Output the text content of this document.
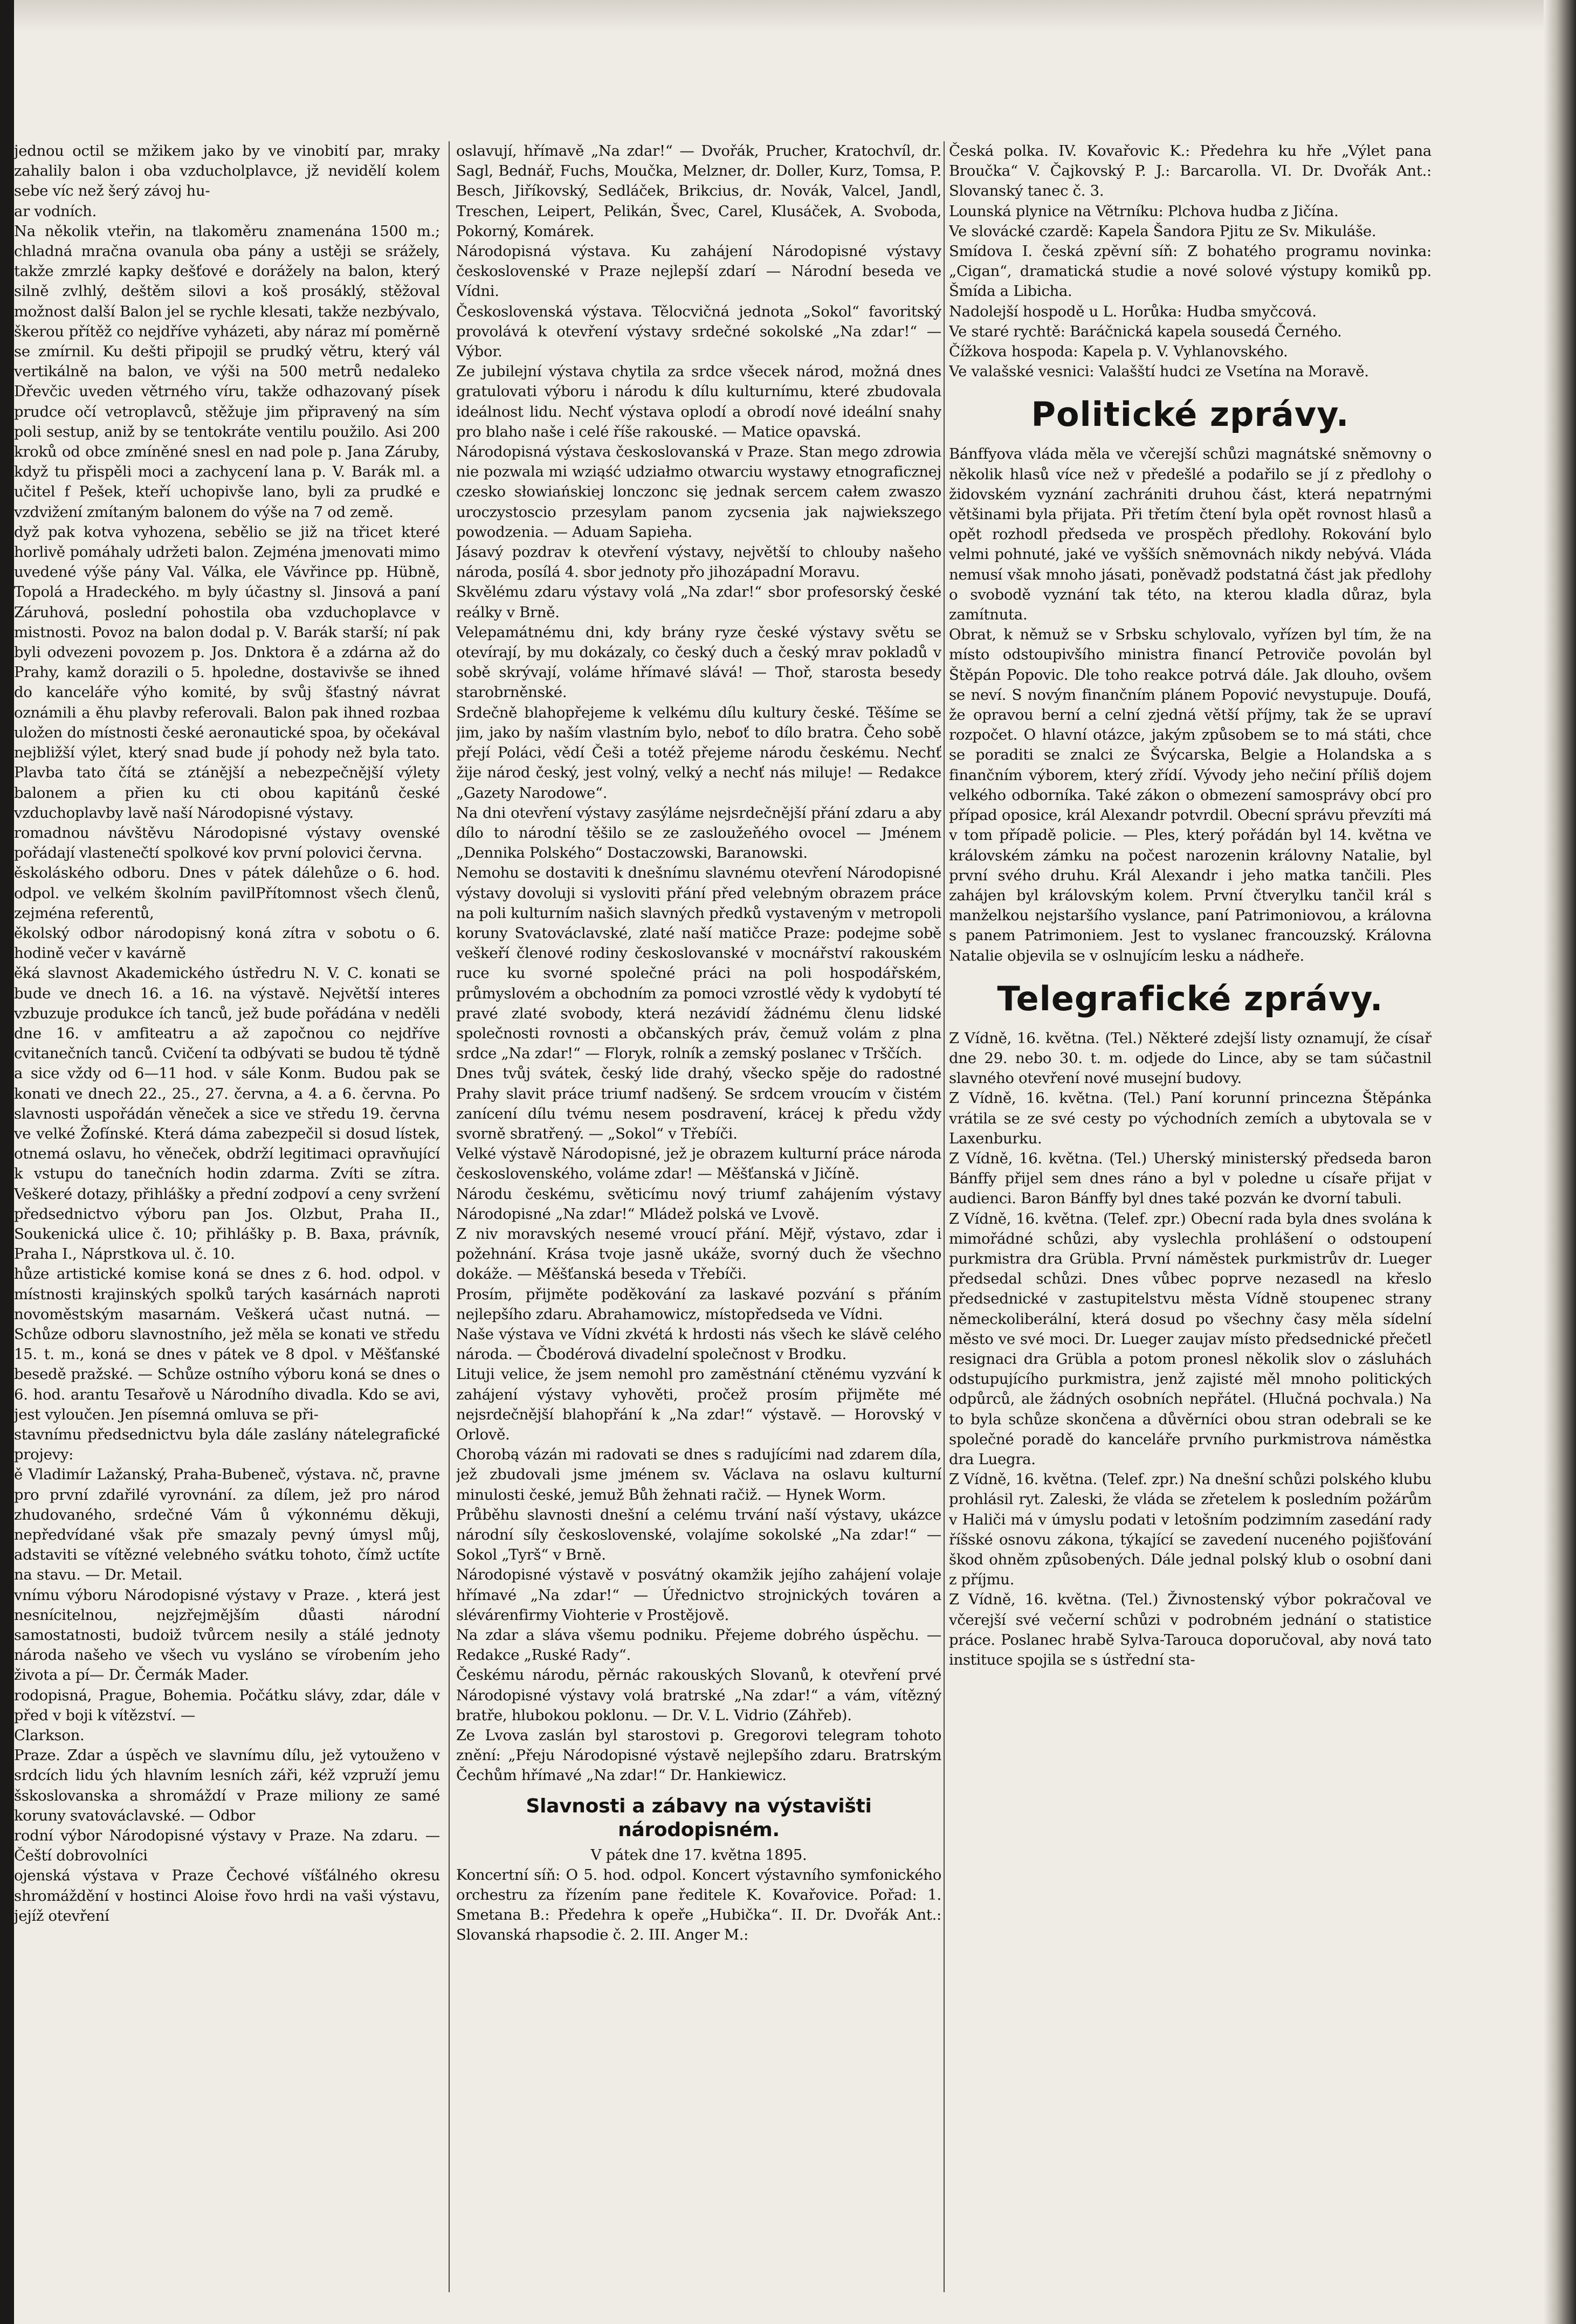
jednou octil se mžikem jako by ve vinobití par, mraky zahalily balon i oba vzducholplavce, jž nevidělí kolem sebe víc než šerý závoj hu-

ar vodních.

Na několik vteřin, na tlakoměru znamenána 1500 m.; chladná mračna ovanula oba pány a ustěji se srážely, takže zmrzlé kapky dešťové e dorážely na balon, který silně zvlhlý, deštěm silovi a koš prosáklý, stěžoval možnost další Balon jel se rychle klesati, takže nezbývalo, škerou přítěž co nejdříve vyházeti, aby náraz mí poměrně se zmírnil. Ku dešti připojil se prudký větru, který vál vertikálně na balon, ve výši na 500 metrů nedaleko Dřevčic uveden větrného víru, takže odhazovaný písek prudce očí vetroplavců, stěžuje jim připravený na sím poli sestup, aniž by se tentokráte ventilu použilo. Asi 200 kroků od obce zmíněné snesl en nad pole p. Jana Záruby, když tu přispěli moci a zachycení lana p. V. Barák ml. a učitel f Pešek, kteří uchopivše lano, byli za prudké e vzdvižení zmítaným balonem do výše na 7 od země.

dyž pak kotva vyhozena, sebělio se již na třicet které horlivě pomáhaly udržeti balon. Zejména jmenovati mimo uvedené výše pány Val. Válka, ele Vávřince pp. Hübně, Topolá a Hradeckého. m byly účastny sl. Jinsová a paní Záruhová, poslední pohostila oba vzduchoplavce v mistnosti. Povoz na balon dodal p. V. Barák starší; ní pak byli odvezeni povozem p. Jos. Dnktora ě a zdárna až do Prahy, kamž dorazili o 5. hpoledne, dostavivše se ihned do kanceláře výho komité, by svůj šťastný návrat oznámili a ěhu plavby referovali. Balon pak ihned rozbaa uložen do místnosti české aeronautické spoa, by očekával nejbližší výlet, který snad bude jí pohody než byla tato. Plavba tato čítá se ztánější a nebezpečnější výlety balonem a přien ku cti obou kapitánů české vzduchoplavby lavě naší Národopisné výstavy.

romadnou návštěvu Národopisné výstavy ovenské pořádají vlastenečtí spolkové kov první polovici června.

ěskoláského odboru. Dnes v pátek dálehůze o 6. hod. odpol. ve velkém školním pavilPřítomnost všech členů, zejména referentů,

ěkolský odbor národopisný koná zítra v sobotu o 6. hodině večer v kavárně

ěká slavnost Akademického ústředru N. V. C. konati se bude ve dnech 16. a 16. na výstavě. Největší interes vzbuzuje produkce ích tanců, jež bude pořádána v neděli dne 16. v amfiteatru a až započnou co nejdříve cvitanečních tanců. Cvičení ta odbývati se budou tě týdně a sice vždy od 6—11 hod. v sále Konm. Budou pak se konati ve dnech 22., 25., 27. června, a 4. a 6. června. Po slavnosti uspořádán věneček a sice ve středu 19. června ve velké Žofínské. Která dáma zabezpečil si dosud lístek, otnemá oslavu, ho věneček, obdrží legitimaci opravňující k vstupu do tanečních hodin zdarma. Zvíti se zítra. Veškeré dotazy, přihlášky a přední zodpoví a ceny svržení předsednictvo výboru pan Jos. Olzbut, Praha II., Soukenická ulice č. 10; přihlášky p. B. Baxa, právník, Praha I., Náprstkova ul. č. 10.

hůze artistické komise koná se dnes z 6. hod. odpol. v místnosti krajinských spolků tarých kasárnách naproti novoměstským masarnám. Veškerá učast nutná. — Schůze odboru slavnostního, jež měla se konati ve středu 15. t. m., koná se dnes v pátek ve 8 dpol. v Měšťanské besedě pražské. — Schůze ostního výboru koná se dnes o 6. hod. arantu Tesařově u Národního divadla. Kdo se avi, jest vyloučen. Jen písemná omluva se při-

stavnímu předsednictvu byla dále zaslány nátelegrafické projevy:

ě Vladimír Lažanský, Praha-Bubeneč, výstava. nč, pravne pro první zdařilé vyrovnání. za dílem, jež pro národ zhudovaného, srdečné Vám ů výkonnému děkuji, nepředvídané však pře smazaly pevný úmysl můj, adstaviti se vítězné velebného svátku tohoto, čímž uctíte na stavu. — Dr. Metail.

vnímu výboru Národopisné výstavy v Praze. , která jest nesnícitelnou, nejzřejmějším důasti národní samostatnosti, budoiž tvůrcem nesily a stálé jednoty národa našeho ve všech vu vysláno se vírobením jeho života a pí— Dr. Čermák Mader.

rodopisná, Prague, Bohemia. Počátku slávy, zdar, dále v před v boji k vítězství. —

Clarkson.

Praze. Zdar a úspěch ve slavnímu dílu, jež vytouženo v srdcích lidu ých hlavním lesních záři, kéž vzpruží jemu šskoslovanska a shromáždí v Praze miliony ze samé koruny svatováclavské. — Odbor

rodní výbor Národopisné výstavy v Praze. Na zdaru. — Čeští dobrovolníci

ojenská výstava v Praze Čechové víšťálného okresu shromáždění v hostinci Aloise řovo hrdi na vaši výstavu, jejíž otevření

oslavují, hřímavě „Na zdar!“ — Dvořák, Prucher, Kratochvíl, dr. Sagl, Bednář, Fuchs, Moučka, Melzner, dr. Doller, Kurz, Tomsa, P. Besch, Jiříkovský, Sedláček, Brikcius, dr. Novák, Valcel, Jandl, Treschen, Leipert, Pelikán, Švec, Carel, Klusáček, A. Svoboda, Pokorný, Komárek.

Národopisná výstava. Ku zahájení Národopisné výstavy československé v Praze nejlepší zdarí — Národní beseda ve Vídni.

Československá výstava. Tělocvičná jednota „Sokol“ favoritský provolává k otevření výstavy srdečné sokolské „Na zdar!“ — Výbor.

Ze jubilejní výstava chytila za srdce všecek národ, možná dnes gratulovati výboru i národu k dílu kulturnímu, které zbudovala ideálnost lidu. Nechť výstava oplodí a obrodí nové ideální snahy pro blaho naše i celé říše rakouské. — Matice opavská.

Národopisná výstava českoslovanská v Praze. Stan mego zdrowia nie pozwala mi wziąść udziałmo otwarciu wystawy etnograficznej czesko słowiańskiej lonczonc się jednak sercem całem zwaszo uroczystoscio przesylam panom zycsenia jak najwiekszego powodzenia. — Aduam Sapieha.

Jásavý pozdrav k otevření výstavy, největší to chlouby našeho národa, posílá 4. sbor jednoty přo jihozápadní Moravu.

Skvělému zdaru výstavy volá „Na zdar!“ sbor profesorský české reálky v Brně.

Velepamátnému dni, kdy brány ryze české výstavy světu se otevírají, by mu dokázaly, co český duch a český mrav pokladů v sobě skrývají, voláme hřímavé slává! — Thoř, starosta besedy starobrněnské.

Srdečně blahopřejeme k velkému dílu kultury české. Těšíme se jim, jako by naším vlastním bylo, neboť to dílo bratra. Čeho sobě přejí Poláci, vědí Češi a totéž přejeme národu českému. Nechť žije národ český, jest volný, velký a nechť nás miluje! — Redakce „Gazety Narodowe“.

Na dni otevření výstavy zasýláme nejsrdečnější přání zdaru a aby dílo to národní těšilo se ze zasloužeňého ovocel — Jménem „Dennika Polského“ Dostaczowski, Baranowski.

Nemohu se dostaviti k dnešnímu slavnému otevření Národopisné výstavy dovoluji si vysloviti přání před velebným obrazem práce na poli kulturním našich slavných předků vystaveným v metropoli koruny Svatováclavské, zlaté naší matičce Praze: podejme sobě veškeří členové rodiny českoslovanské v mocnářství rakouském ruce ku svorné společné práci na poli hospodářském, průmyslovém a obchodním za pomoci vzrostlé vědy k vydobytí té pravé zlaté svobody, která nezávidí žádnému členu lidské společnosti rovnosti a občanských práv, čemuž volám z plna srdce „Na zdar!“ — Floryk, rolník a zemský poslanec v Trščích.

Dnes tvůj svátek, český lide drahý, všecko spěje do radostné Prahy slavit práce triumf nadšený. Se srdcem vroucím v čistém zanícení dílu tvému nesem posdravení, krácej k předu vždy svorně sbratřený. — „Sokol“ v Třebíči.

Velké výstavě Národopisné, jež je obrazem kulturní práce národa československého, voláme zdar! — Měšťanská v Jičíně.

Národu českému, světicímu nový triumf zahájením výstavy Národopisné „Na zdar!“ Mládež polská ve Lvově.

Z niv moravských nesemé vroucí přání. Mějř, výstavo, zdar i požehnání. Krása tvoje jasně ukáže, svorný duch že všechno dokáže. — Měšťanská beseda v Třebíči.

Prosím, přijměte poděkování za laskavé pozvání s přáním nejlepšího zdaru. Abrahamowicz, místopředseda ve Vídni.

Naše výstava ve Vídni zkvétá k hrdosti nás všech ke slávě celého národa. — Čbodérová divadelní společnost v Brodku.

Lituji velice, že jsem nemohl pro zaměstnání ctěnému vyzvání k zahájení výstavy vyhověti, pročež prosím přijměte mé nejsrdečnější blahopřání k „Na zdar!“ výstavě. — Horovský v Orlově.

Chorobą vázán mi radovati se dnes s radujícími nad zdarem díla, jež zbudovali jsme jménem sv. Václava na oslavu kulturní minulosti české, jemuž Bůh žehnati račiž. — Hynek Worm.

Průběhu slavnosti dnešní a celému trvání naší výstavy, ukázce národní síly československé, volajíme sokolské „Na zdar!“ — Sokol „Tyrš“ v Brně.

Národopisné výstavě v posvátný okamžik jejího zahájení volaje hřímavé „Na zdar!“ — Úřednictvo strojnických továren a slévárenfirmy Viohterie v Prostějově.

Na zdar a sláva všemu podniku. Přejeme dobrého úspěchu. — Redakce „Ruské Rady“.

Českému národu, pěrnác rakouských Slovanů, k otevření prvé Národopisné výstavy volá bratrské „Na zdar!“ a vám, vítězný bratře, hlubokou poklonu. — Dr. V. L. Vidrio (Záhřeb).

Ze Lvova zaslán byl starostovi p. Gregorovi telegram tohoto znění: „Přeju Národopisné výstavě nejlepšího zdaru. Bratrským Čechům hřímavé „Na zdar!“ Dr. Hankiewicz.

Slavnosti a zábavy na výstavišti národopisném.

V pátek dne 17. května 1895.

Koncertní síň: O 5. hod. odpol. Koncert výstavního symfonického orchestru za řízením pane ředitele K. Kovařovice. Pořad: 1. Smetana B.: Předehra k opeře „Hubička“. II. Dr. Dvořák Ant.: Slovanská rhapsodie č. 2. III. Anger M.:

Česká polka. IV. Kovařovic K.: Předehra ku hře „Výlet pana Broučka“ V. Čajkovský P. J.: Barcarolla. VI. Dr. Dvořák Ant.: Slovanský tanec č. 3.

Lounská plynice na Větrníku: Plchova hudba z Jičína.

Ve slovácké czardě: Kapela Šandora Pjitu ze Sv. Mikuláše.

Smídova I. česká zpěvní síň: Z bohatého programu novinka: „Cigan“, dramatická studie a nové solové výstupy komiků pp. Šmída a Libicha.

Nadolejší hospodě u L. Horůka: Hudba smyčcová.

Ve staré rychtě: Baráčnická kapela sousedá Černého.

Čížkova hospoda: Kapela p. V. Vyhlanovského.

Ve valašské vesnici: Valašští hudci ze Vsetína na Moravě.

Politické zprávy.

Bánffyova vláda měla ve včerejší schůzi magnátské sněmovny o několik hlasů více než v předešlé a podařilo se jí z předlohy o židovském vyznání zachrániti druhou část, která nepatrnými většinami byla přijata. Při třetím čtení byla opět rovnost hlasů a opět rozhodl předseda ve prospěch předlohy. Rokování bylo velmi pohnuté, jaké ve vyšších sněmovnách nikdy nebývá. Vláda nemusí však mnoho jásati, poněvadž podstatná část jak předlohy o svobodě vyznání tak této, na kterou kladla důraz, byla zamítnuta.

Obrat, k němuž se v Srbsku schylovalo, vyřízen byl tím, že na místo odstoupivšího ministra financí Petroviče povolán byl Štěpán Popovic. Dle toho reakce potrvá dále. Jak dlouho, ovšem se neví. S novým finančním plánem Popović nevystupuje. Doufá, že opravou berní a celní zjedná větší příjmy, tak že se upraví rozpočet. O hlavní otázce, jakým způsobem se to má státi, chce se poraditi se znalci ze Švýcarska, Belgie a Holandska a s finančním výborem, který zřídí. Vývody jeho nečiní příliš dojem velkého odborníka. Také zákon o obmezení samosprávy obcí pro případ oposice, král Alexandr potvrdil. Obecní správu převzíti má v tom případě policie. — Ples, který pořádán byl 14. května ve královském zámku na počest narozenin královny Natalie, byl první svého druhu. Král Alexandr i jeho matka tančili. Ples zahájen byl královským kolem. První čtverylku tančil král s manželkou nejstaršího vyslance, paní Patrimoniovou, a královna s panem Patrimoniem. Jest to vyslanec francouzský. Královna Natalie objevila se v oslnujícím lesku a nádheře.

Telegrafické zprávy.

Z Vídně, 16. května. (Tel.) Některé zdejší listy oznamují, že císař dne 29. nebo 30. t. m. odjede do Lince, aby se tam súčastnil slavného otevření nové musejní budovy.

Z Vídně, 16. května. (Tel.) Paní korunní princezna Štěpánka vrátila se ze své cesty po východních zemích a ubytovala se v Laxenburku.

Z Vídně, 16. května. (Tel.) Uherský ministerský předseda baron Bánffy přijel sem dnes ráno a byl v poledne u císaře přijat v audienci. Baron Bánffy byl dnes také pozván ke dvorní tabuli.

Z Vídně, 16. května. (Telef. zpr.) Obecní rada byla dnes svolána k mimořádné schůzi, aby vyslechla prohlášení o odstoupení purkmistra dra Grübla. První náměstek purkmistrův dr. Lueger předsedal schůzi. Dnes vůbec poprve nezasedl na křeslo předsednické v zastupitelstvu města Vídně stoupenec strany německoliberální, která dosud po všechny časy měla sídelní město ve své moci. Dr. Lueger zaujav místo předsednické přečetl resignaci dra Grübla a potom pronesl několik slov o zásluhách odstupujícího purkmistra, jenž zajisté měl mnoho politických odpůrců, ale žádných osobních nepřátel. (Hlučná pochvala.) Na to byla schůze skončena a důvěrníci obou stran odebrali se ke společné poradě do kanceláře prvního purkmistrova náměstka dra Luegra.

Z Vídně, 16. května. (Telef. zpr.) Na dnešní schůzi polského klubu prohlásil ryt. Zaleski, že vláda se zřetelem k posledním požárům v Haliči má v úmyslu podati v letošním podzimním zasedání rady říšské osnovu zákona, týkající se zavedení nuceného pojišťování škod ohněm způsobených. Dále jednal polský klub o osobní dani z příjmu.

Z Vídně, 16. května. (Tel.) Živnostenský výbor pokračoval ve včerejší své večerní schůzi v podrobném jednání o statistice práce. Poslanec hrabě Sylva-Tarouca doporučoval, aby nová tato instituce spojila se s ústřední sta-
